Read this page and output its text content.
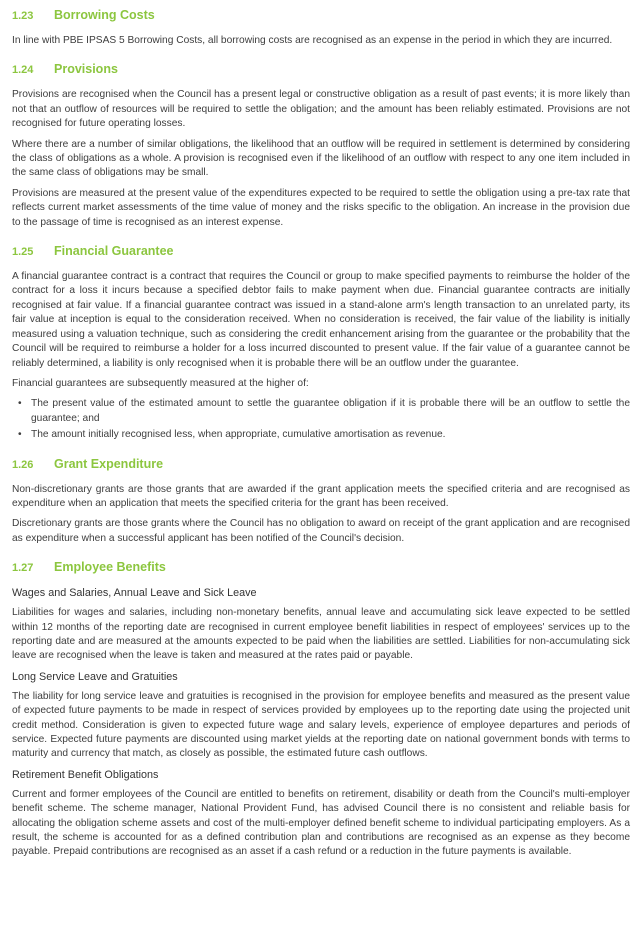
1.23	Borrowing Costs

In line with PBE IPSAS 5 Borrowing Costs, all borrowing costs are recognised as an expense in the period in which they are incurred.

1.24	Provisions

Provisions are recognised when the Council has a present legal or constructive obligation as a result of past events; it is more likely than not that an outflow of resources will be required to settle the obligation; and the amount has been reliably estimated. Provisions are not recognised for future operating losses.

Where there are a number of similar obligations, the likelihood that an outflow will be required in settlement is determined by considering the class of obligations as a whole. A provision is recognised even if the likelihood of an outflow with respect to any one item included in the same class of obligations may be small.

Provisions are measured at the present value of the expenditures expected to be required to settle the obligation using a pre-tax rate that reflects current market assessments of the time value of money and the risks specific to the obligation. An increase in the provision due to the passage of time is recognised as an interest expense.

1.25	Financial Guarantee

A financial guarantee contract is a contract that requires the Council or group to make specified payments to reimburse the holder of the contract for a loss it incurs because a specified debtor fails to make payment when due. Financial guarantee contracts are initially recognised at fair value. If a financial guarantee contract was issued in a stand-alone arm's length transaction to an unrelated party, its fair value at inception is equal to the consideration received. When no consideration is received, the fair value of the liability is initially measured using a valuation technique, such as considering the credit enhancement arising from the guarantee or the probability that the Council will be required to reimburse a holder for a loss incurred discounted to present value. If the fair value of a guarantee cannot be reliably determined, a liability is only recognised when it is probable there will be an outflow under the guarantee.

Financial guarantees are subsequently measured at the higher of:

• The present value of the estimated amount to settle the guarantee obligation if it is probable there will be an outflow to settle the guarantee; and
• The amount initially recognised less, when appropriate, cumulative amortisation as revenue.
1.26	Grant Expenditure

Non-discretionary grants are those grants that are awarded if the grant application meets the specified criteria and are recognised as expenditure when an application that meets the specified criteria for the grant has been received.

Discretionary grants are those grants where the Council has no obligation to award on receipt of the grant application and are recognised as expenditure when a successful applicant has been notified of the Council's decision.

1.27	Employee Benefits
Wages and Salaries, Annual Leave and Sick Leave

Liabilities for wages and salaries, including non-monetary benefits, annual leave and accumulating sick leave expected to be settled within 12 months of the reporting date are recognised in current employee benefit liabilities in respect of employees' services up to the reporting date and are measured at the amounts expected to be paid when the liabilities are settled. Liabilities for non-accumulating sick leave are recognised when the leave is taken and measured at the rates paid or payable.

Long Service Leave and Gratuities

The liability for long service leave and gratuities is recognised in the provision for employee benefits and measured as the present value of expected future payments to be made in respect of services provided by employees up to the reporting date using the projected unit credit method. Consideration is given to expected future wage and salary levels, experience of employee departures and periods of service. Expected future payments are discounted using market yields at the reporting date on national government bonds with terms to maturity and currency that match, as closely as possible, the estimated future cash outflows.

Retirement Benefit Obligations

Current and former employees of the Council are entitled to benefits on retirement, disability or death from the Council's multi-employer benefit scheme. The scheme manager, National Provident Fund, has advised Council there is no consistent and reliable basis for allocating the obligation scheme assets and cost of the multi-employer defined benefit scheme to individual participating employers. As a result, the scheme is accounted for as a defined contribution plan and contributions are recognised as an expense as they become payable. Prepaid contributions are recognised as an asset if a cash refund or a reduction in the future payments is available.
